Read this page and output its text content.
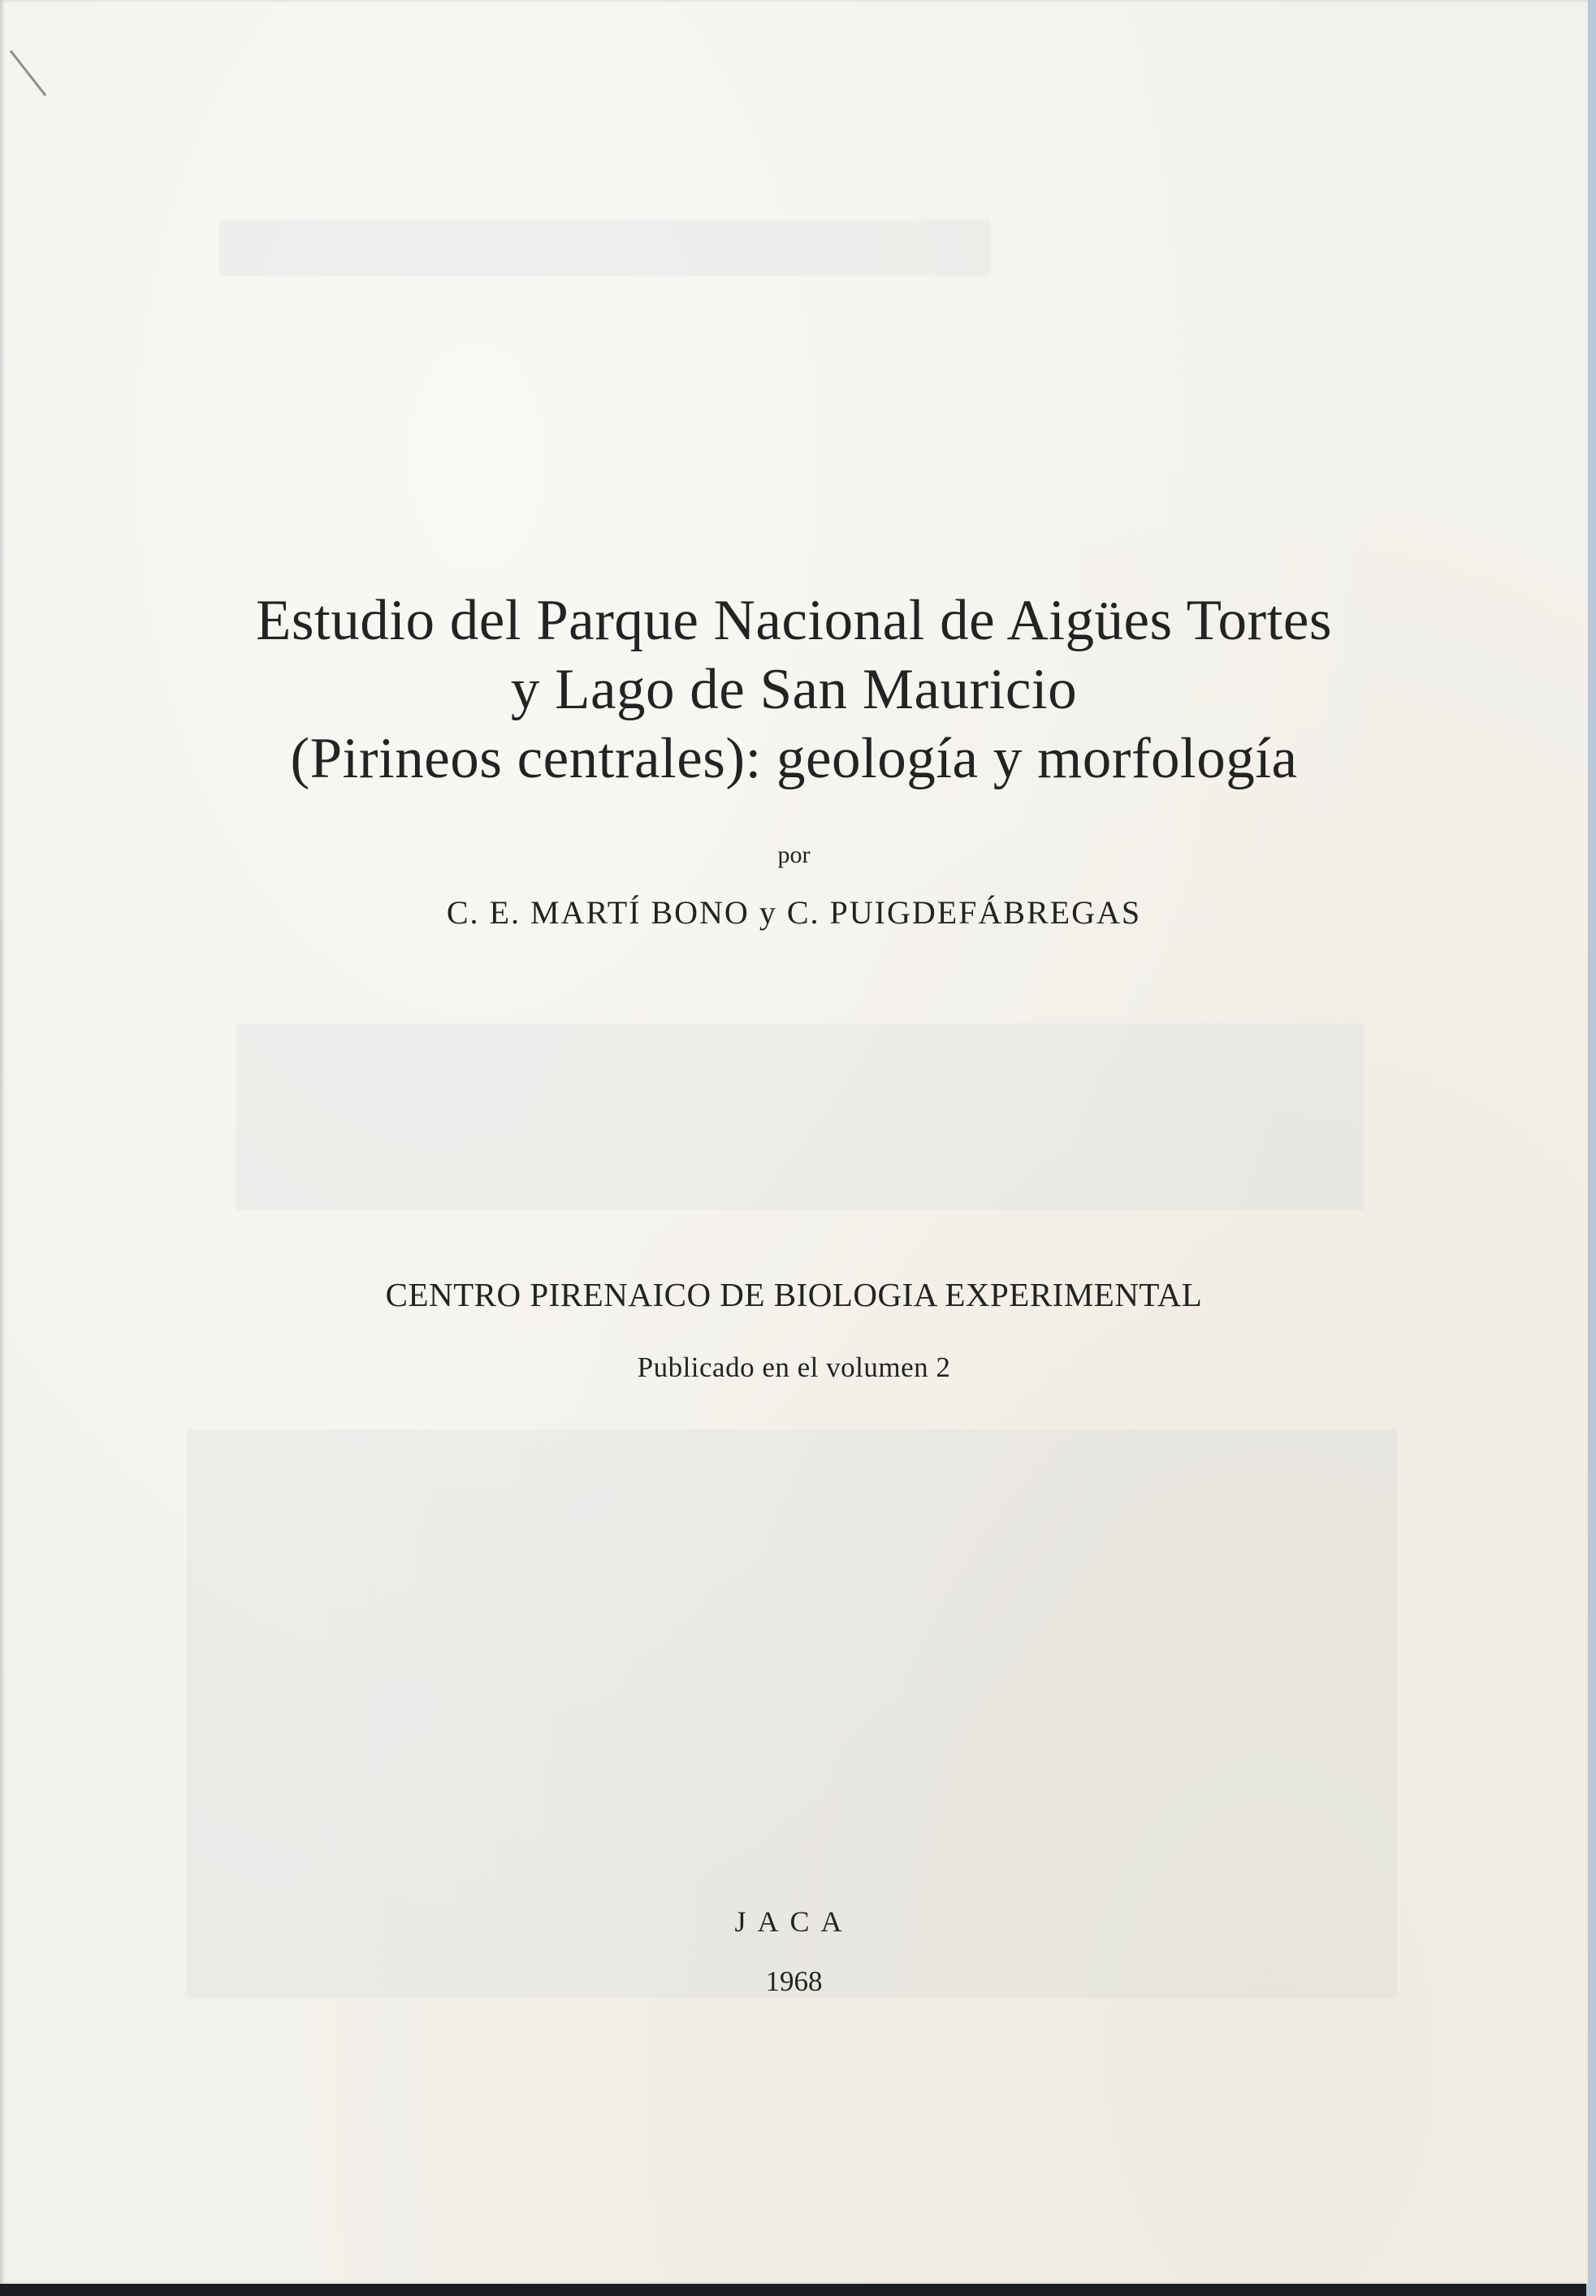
Estudio del Parque Nacional de Aigües Tortes
y Lago de San Mauricio
(Pirineos centrales): geología y morfología
por
C. E. MARTÍ BONO y C. PUIGDEFÁBREGAS
CENTRO PIRENAICO DE BIOLOGIA EXPERIMENTAL
Publicado en el volumen 2
JACA
1968
